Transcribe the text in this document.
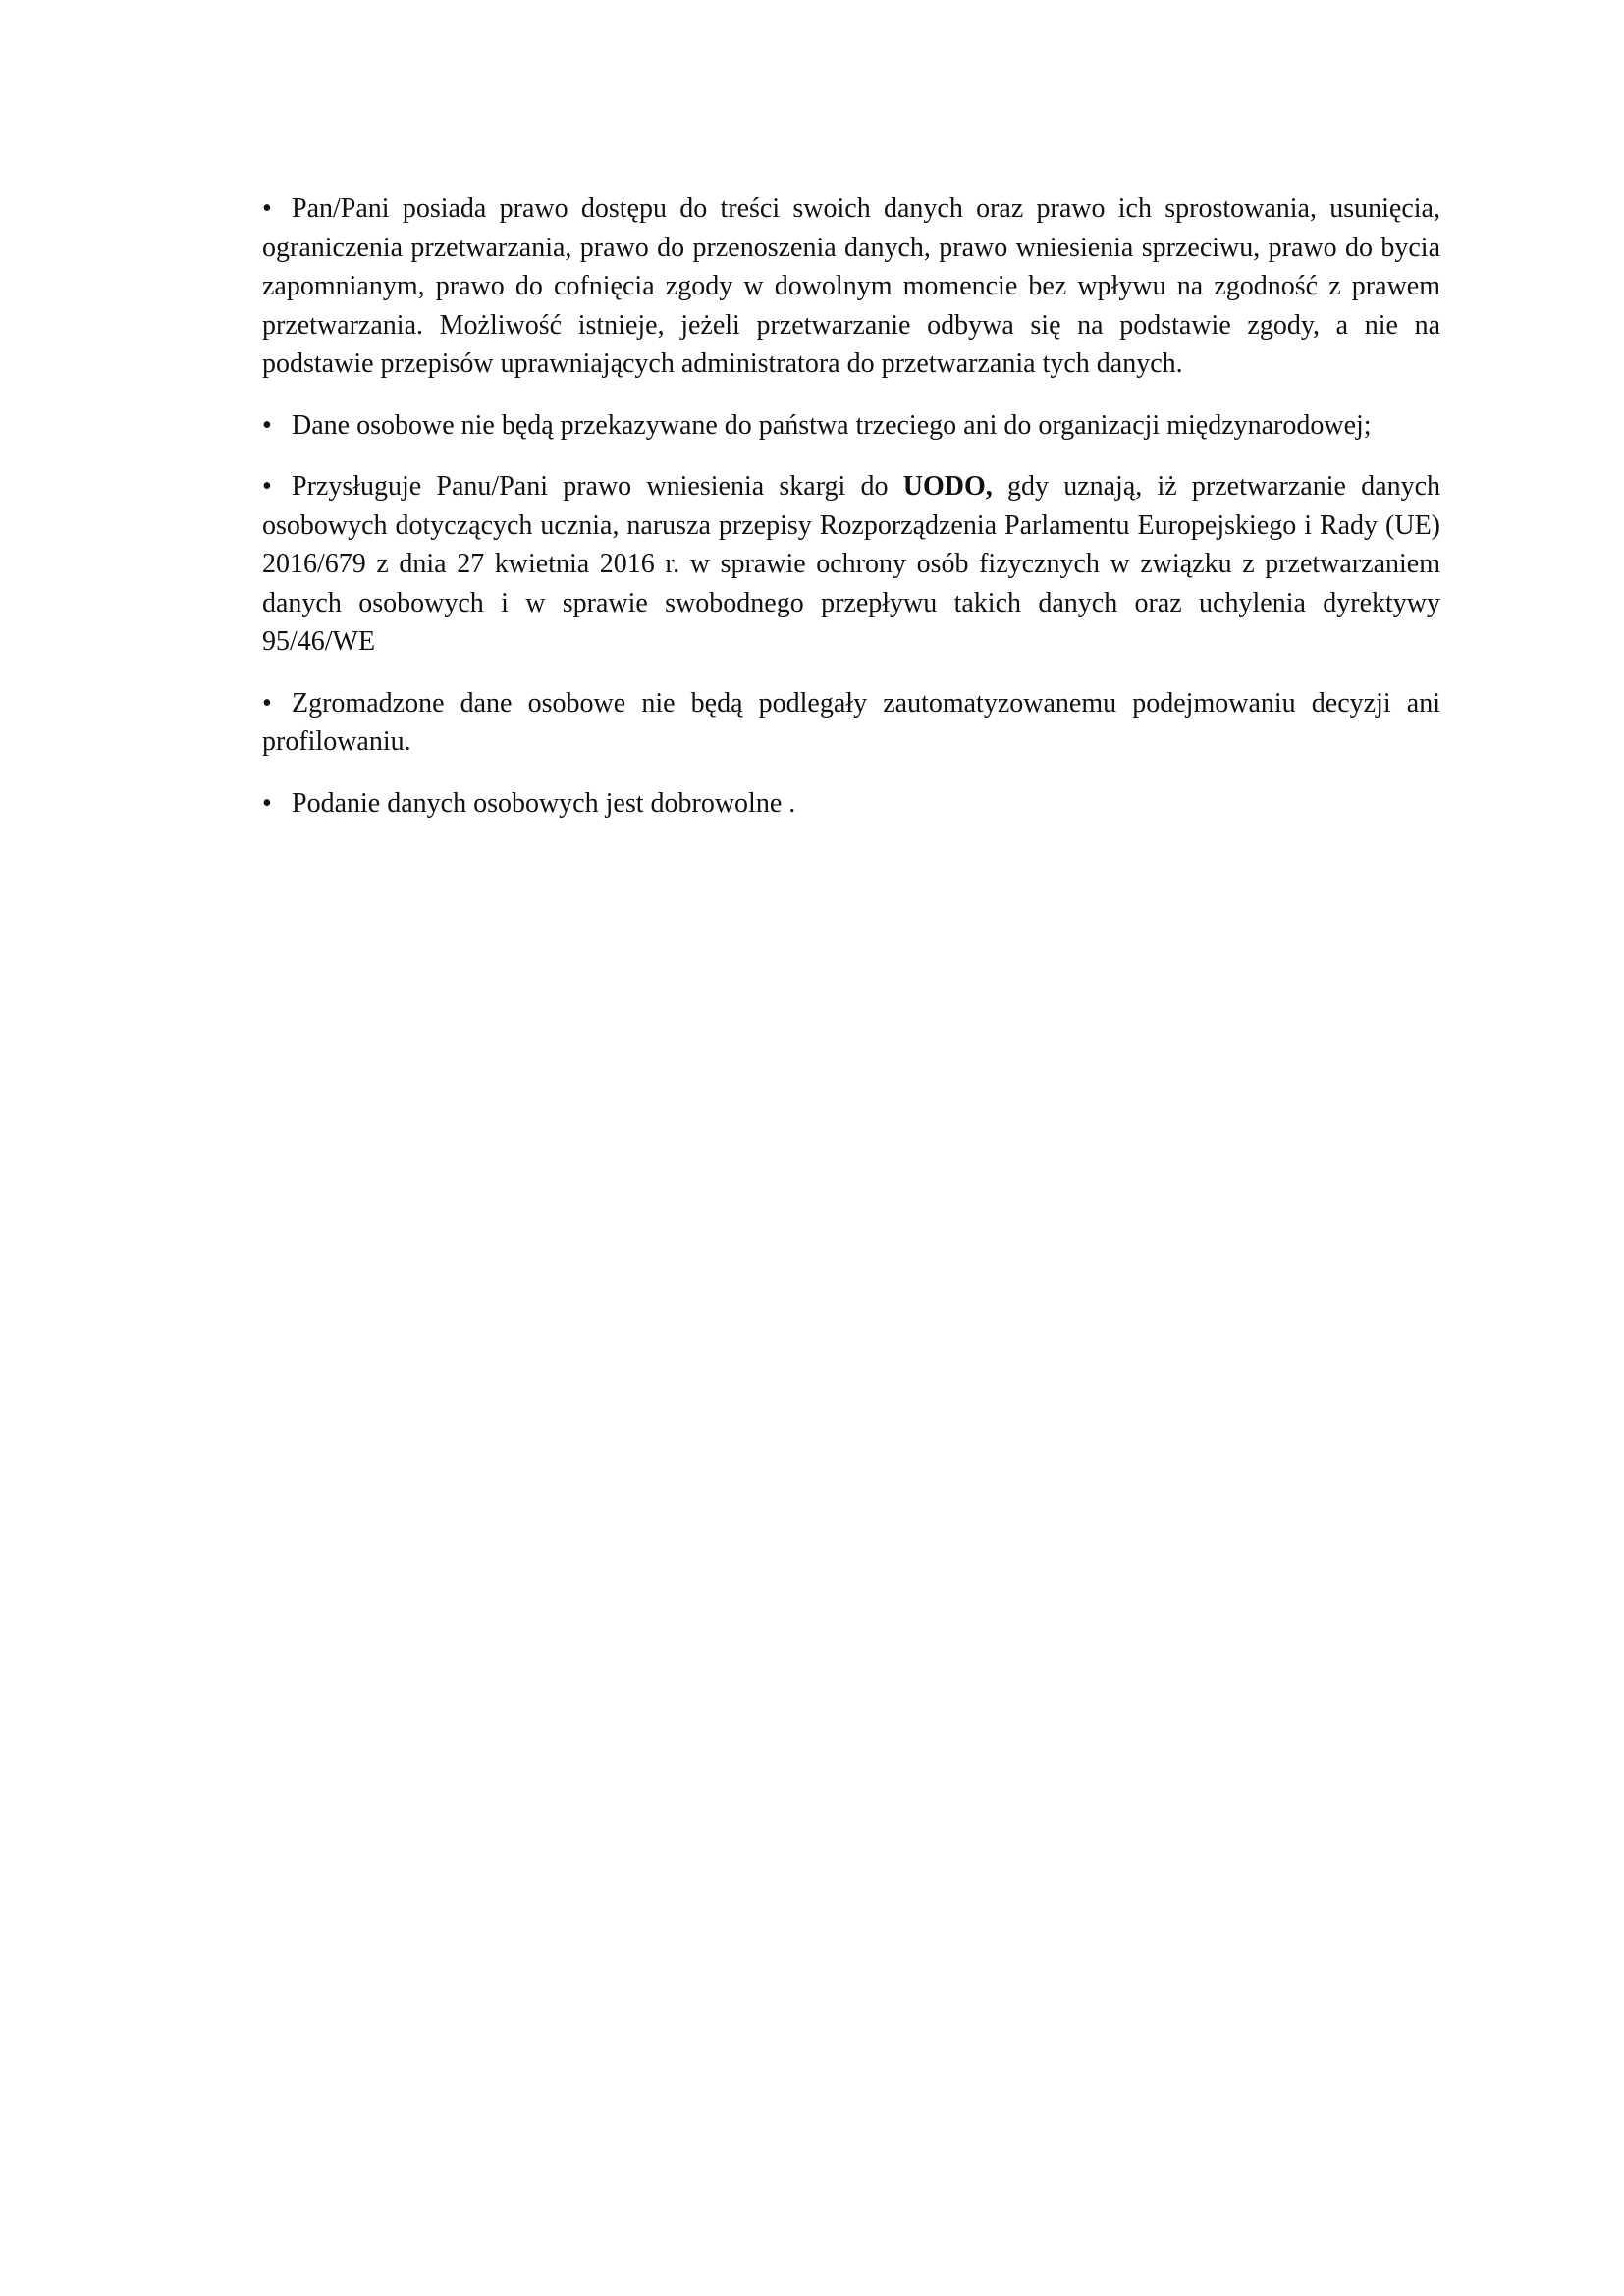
• Pan/Pani posiada prawo dostępu do treści swoich danych oraz prawo ich sprostowania, usunięcia, ograniczenia przetwarzania, prawo do przenoszenia danych, prawo wniesienia sprzeciwu, prawo do bycia zapomnianym, prawo do cofnięcia zgody w dowolnym momencie bez wpływu na zgodność z prawem przetwarzania. Możliwość istnieje, jeżeli przetwarzanie odbywa się na podstawie zgody, a nie na podstawie przepisów uprawniających administratora do przetwarzania tych danych.

• Dane osobowe nie będą przekazywane do państwa trzeciego ani do organizacji międzynarodowej;

• Przysługuje Panu/Pani prawo wniesienia skargi do UODO, gdy uznają, iż przetwarzanie danych osobowych dotyczących ucznia, narusza przepisy Rozporządzenia Parlamentu Europejskiego i Rady (UE) 2016/679 z dnia 27 kwietnia 2016 r. w sprawie ochrony osób fizycznych w związku z przetwarzaniem danych osobowych i w sprawie swobodnego przepływu takich danych oraz uchylenia dyrektywy 95/46/WE

• Zgromadzone dane osobowe nie będą podlegały zautomatyzowanemu podejmowaniu decyzji ani profilowaniu.

• Podanie danych osobowych jest dobrowolne .
